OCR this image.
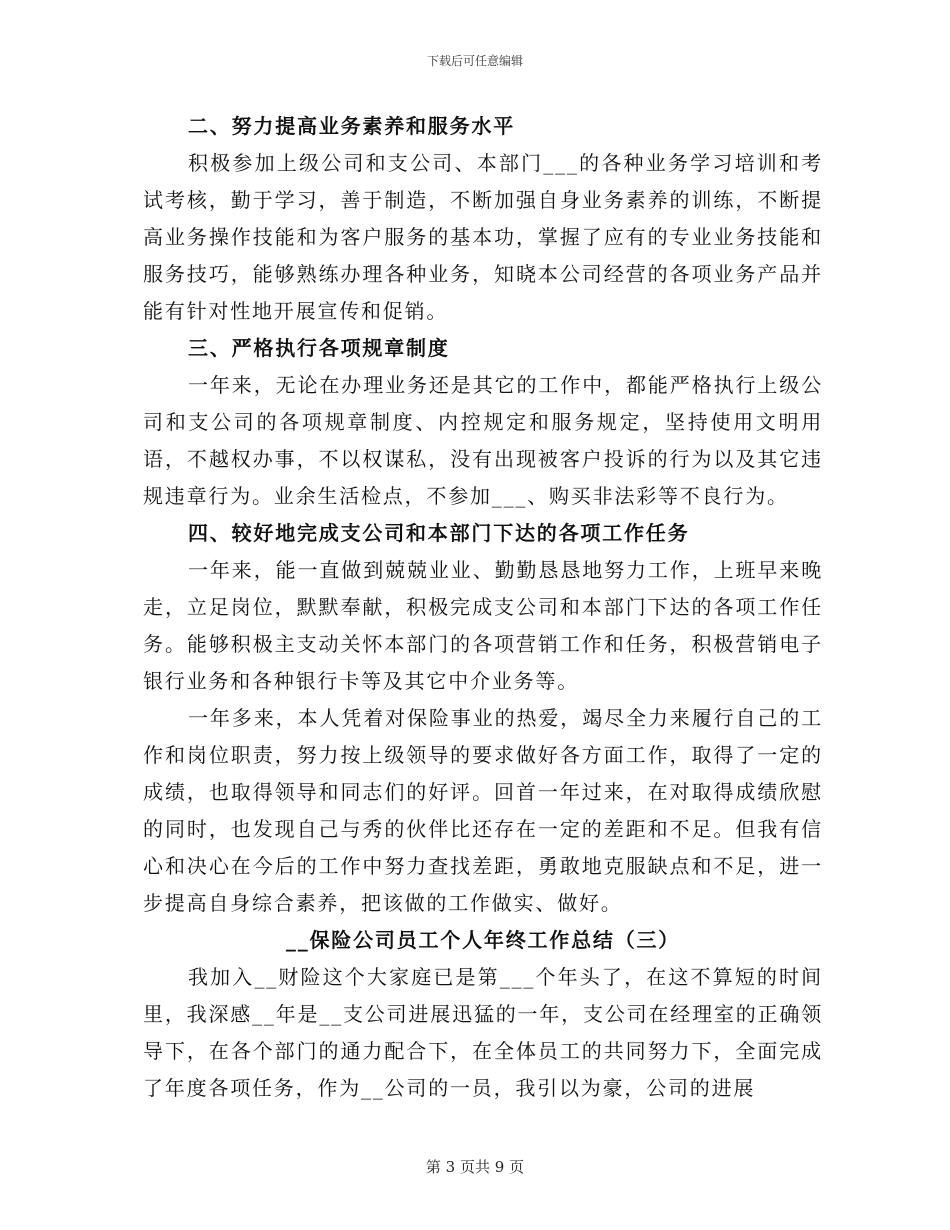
下载后可任意编辑

二、努力提高业务素养和服务水平

积极参加上级公司和支公司、本部门___的各种业务学习培训和考试考核，勤于学习，善于制造，不断加强自身业务素养的训练，不断提高业务操作技能和为客户服务的基本功，掌握了应有的专业业务技能和服务技巧，能够熟练办理各种业务，知晓本公司经营的各项业务产品并能有针对性地开展宣传和促销。

三、严格执行各项规章制度

一年来，无论在办理业务还是其它的工作中，都能严格执行上级公司和支公司的各项规章制度、内控规定和服务规定，坚持使用文明用语，不越权办事，不以权谋私，没有出现被客户投诉的行为以及其它违规违章行为。业余生活检点，不参加___、购买非法彩等不良行为。

四、较好地完成支公司和本部门下达的各项工作任务

一年来，能一直做到兢兢业业、勤勤恳恳地努力工作，上班早来晚走，立足岗位，默默奉献，积极完成支公司和本部门下达的各项工作任务。能够积极主支动关怀本部门的各项营销工作和任务，积极营销电子银行业务和各种银行卡等及其它中介业务等。

一年多来，本人凭着对保险事业的热爱，竭尽全力来履行自己的工作和岗位职责，努力按上级领导的要求做好各方面工作，取得了一定的成绩，也取得领导和同志们的好评。回首一年过来，在对取得成绩欣慰的同时，也发现自己与秀的伙伴比还存在一定的差距和不足。但我有信心和决心在今后的工作中努力查找差距，勇敢地克服缺点和不足，进一步提高自身综合素养，把该做的工作做实、做好。

__保险公司员工个人年终工作总结（三）

我加入__财险这个大家庭已是第___个年头了，在这不算短的时间里，我深感__年是__支公司进展迅猛的一年，支公司在经理室的正确领导下，在各个部门的通力配合下，在全体员工的共同努力下，全面完成了年度各项任务，作为__公司的一员，我引以为豪，公司的进展

第 3 页共 9 页
